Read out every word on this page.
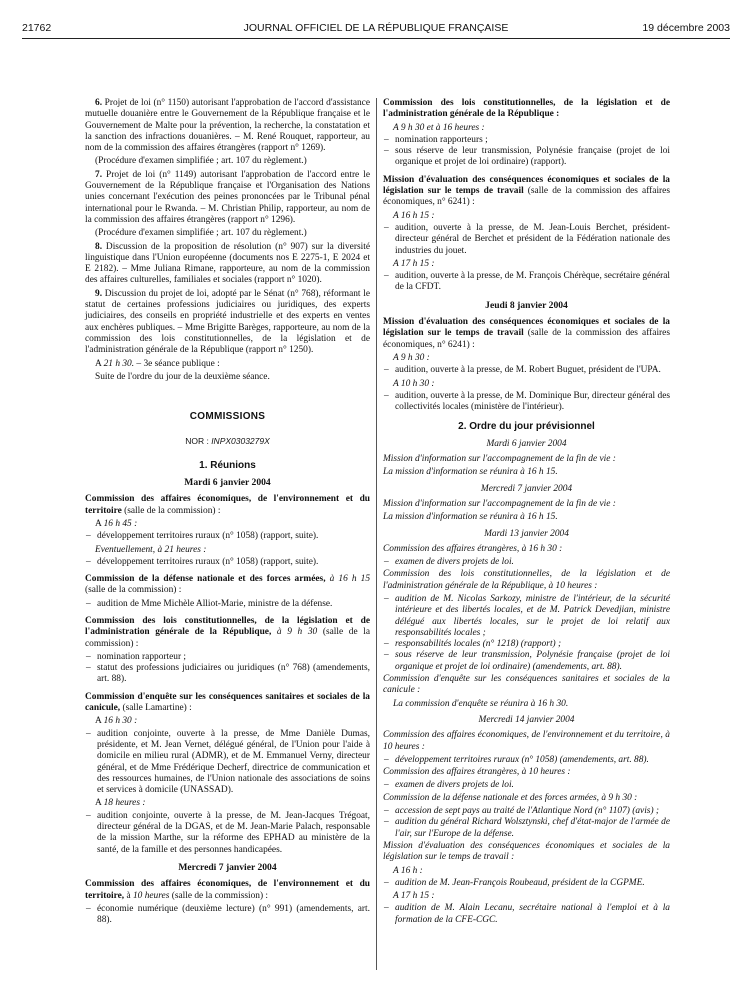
21762	JOURNAL OFFICIEL DE LA RÉPUBLIQUE FRANÇAISE	19 décembre 2003

6. Projet de loi (n° 1150) autorisant l'approbation de l'accord d'assistance mutuelle douanière entre le Gouvernement de la République française et le Gouvernement de Malte pour la prévention, la recherche, la constatation et la sanction des infractions douanières. – M. René Rouquet, rapporteur, au nom de la commission des affaires étrangères (rapport n° 1269).

(Procédure d'examen simplifiée ; art. 107 du règlement.)

7. Projet de loi (n° 1149) autorisant l'approbation de l'accord entre le Gouvernement de la République française et l'Organisation des Nations unies concernant l'exécution des peines prononcées par le Tribunal pénal international pour le Rwanda. – M. Christian Philip, rapporteur, au nom de la commission des affaires étrangères (rapport n° 1296).

(Procédure d'examen simplifiée ; art. 107 du règlement.)

8. Discussion de la proposition de résolution (n° 907) sur la diversité linguistique dans l'Union européenne (documents nos E 2275-1, E 2024 et E 2182). – Mme Juliana Rimane, rapporteure, au nom de la commission des affaires culturelles, familiales et sociales (rapport n° 1020).

9. Discussion du projet de loi, adopté par le Sénat (n° 768), réformant le statut de certaines professions judiciaires ou juridiques, des experts judiciaires, des conseils en propriété industrielle et des experts en ventes aux enchères publiques. – Mme Brigitte Barèges, rapporteure, au nom de la commission des lois constitutionnelles, de la législation et de l'administration générale de la République (rapport n° 1250).

A 21 h 30. – 3e séance publique :

Suite de l'ordre du jour de la deuxième séance.

COMMISSIONS
NOR : INPX0303279X
1. Réunions
Mardi 6 janvier 2004

Commission des affaires économiques, de l'environnement et du territoire (salle de la commission) :

A 16 h 45 :

– développement territoires ruraux (n° 1058) (rapport, suite).

Eventuellement, à 21 heures :

– développement territoires ruraux (n° 1058) (rapport, suite).

Commission de la défense nationale et des forces armées, à 16 h 15 (salle de la commission) :

– audition de Mme Michèle Alliot-Marie, ministre de la défense.

Commission des lois constitutionnelles, de la législation et de l'administration générale de la République, à 9 h 30 (salle de la commission) :

– nomination rapporteur ;
– statut des professions judiciaires ou juridiques (n° 768) (amendements, art. 88).

Commission d'enquête sur les conséquences sanitaires et sociales de la canicule, (salle Lamartine) :

A 16 h 30 :

– audition conjointe, ouverte à la presse, de Mme Danièle Dumas, présidente, et M. Jean Vernet, délégué général, de l'Union pour l'aide à domicile en milieu rural (ADMR), et de M. Emmanuel Verny, directeur général, et de Mme Frédérique Decherf, directrice de communication et des ressources humaines, de l'Union nationale des associations de soins et services à domicile (UNASSAD).

A 18 heures :

– audition conjointe, ouverte à la presse, de M. Jean-Jacques Trégoat, directeur général de la DGAS, et de M. Jean-Marie Palach, responsable de la mission Marthe, sur la réforme des EPHAD au ministère de la santé, de la famille et des personnes handicapées.
Mercredi 7 janvier 2004

Commission des affaires économiques, de l'environnement et du territoire, à 10 heures (salle de la commission) :

– économie numérique (deuxième lecture) (n° 991) (amendements, art. 88).

Commission des lois constitutionnelles, de la législation et de l'administration générale de la République :

A 9 h 30 et à 16 heures :

– nomination rapporteurs ;
– sous réserve de leur transmission, Polynésie française (projet de loi organique et projet de loi ordinaire) (rapport).

Mission d'évaluation des conséquences économiques et sociales de la législation sur le temps de travail (salle de la commission des affaires économiques, n° 6241) :

A 16 h 15 :

– audition, ouverte à la presse, de M. Jean-Louis Berchet, président-directeur général de Berchet et président de la Fédération nationale des industries du jouet.

A 17 h 15 :

– audition, ouverte à la presse, de M. François Chérèque, secrétaire général de la CFDT.
Jeudi 8 janvier 2004

Mission d'évaluation des conséquences économiques et sociales de la législation sur le temps de travail (salle de la commission des affaires économiques, n° 6241) :

A 9 h 30 :

– audition, ouverte à la presse, de M. Robert Buguet, président de l'UPA.

A 10 h 30 :

– audition, ouverte à la presse, de M. Dominique Bur, directeur général des collectivités locales (ministère de l'intérieur).
2. Ordre du jour prévisionnel
Mardi 6 janvier 2004

Mission d'information sur l'accompagnement de la fin de vie :

La mission d'information se réunira à 16 h 15.

Mercredi 7 janvier 2004

Mission d'information sur l'accompagnement de la fin de vie :

La mission d'information se réunira à 16 h 15.

Mardi 13 janvier 2004

Commission des affaires étrangères, à 16 h 30 :

– examen de divers projets de loi.

Commission des lois constitutionnelles, de la législation et de l'administration générale de la République, à 10 heures :

– audition de M. Nicolas Sarkozy, ministre de l'intérieur, de la sécurité intérieure et des libertés locales, et de M. Patrick Devedjian, ministre délégué aux libertés locales, sur le projet de loi relatif aux responsabilités locales ;
– responsabilités locales (n° 1218) (rapport) ;
– sous réserve de leur transmission, Polynésie française (projet de loi organique et projet de loi ordinaire) (amendements, art. 88).

Commission d'enquête sur les conséquences sanitaires et sociales de la canicule :

La commission d'enquête se réunira à 16 h 30.

Mercredi 14 janvier 2004

Commission des affaires économiques, de l'environnement et du territoire, à 10 heures :

– développement territoires ruraux (n° 1058) (amendements, art. 88).

Commission des affaires étrangères, à 10 heures :

– examen de divers projets de loi.

Commission de la défense nationale et des forces armées, à 9 h 30 :

– accession de sept pays au traité de l'Atlantique Nord (n° 1107) (avis) ;
– audition du général Richard Wolsztynski, chef d'état-major de l'armée de l'air, sur l'Europe de la défense.

Mission d'évaluation des conséquences économiques et sociales de la législation sur le temps de travail :

A 16 h :

– audition de M. Jean-François Roubeaud, président de la CGPME.

A 17 h 15 :

– audition de M. Alain Lecanu, secrétaire national à l'emploi et à la formation de la CFE-CGC.
